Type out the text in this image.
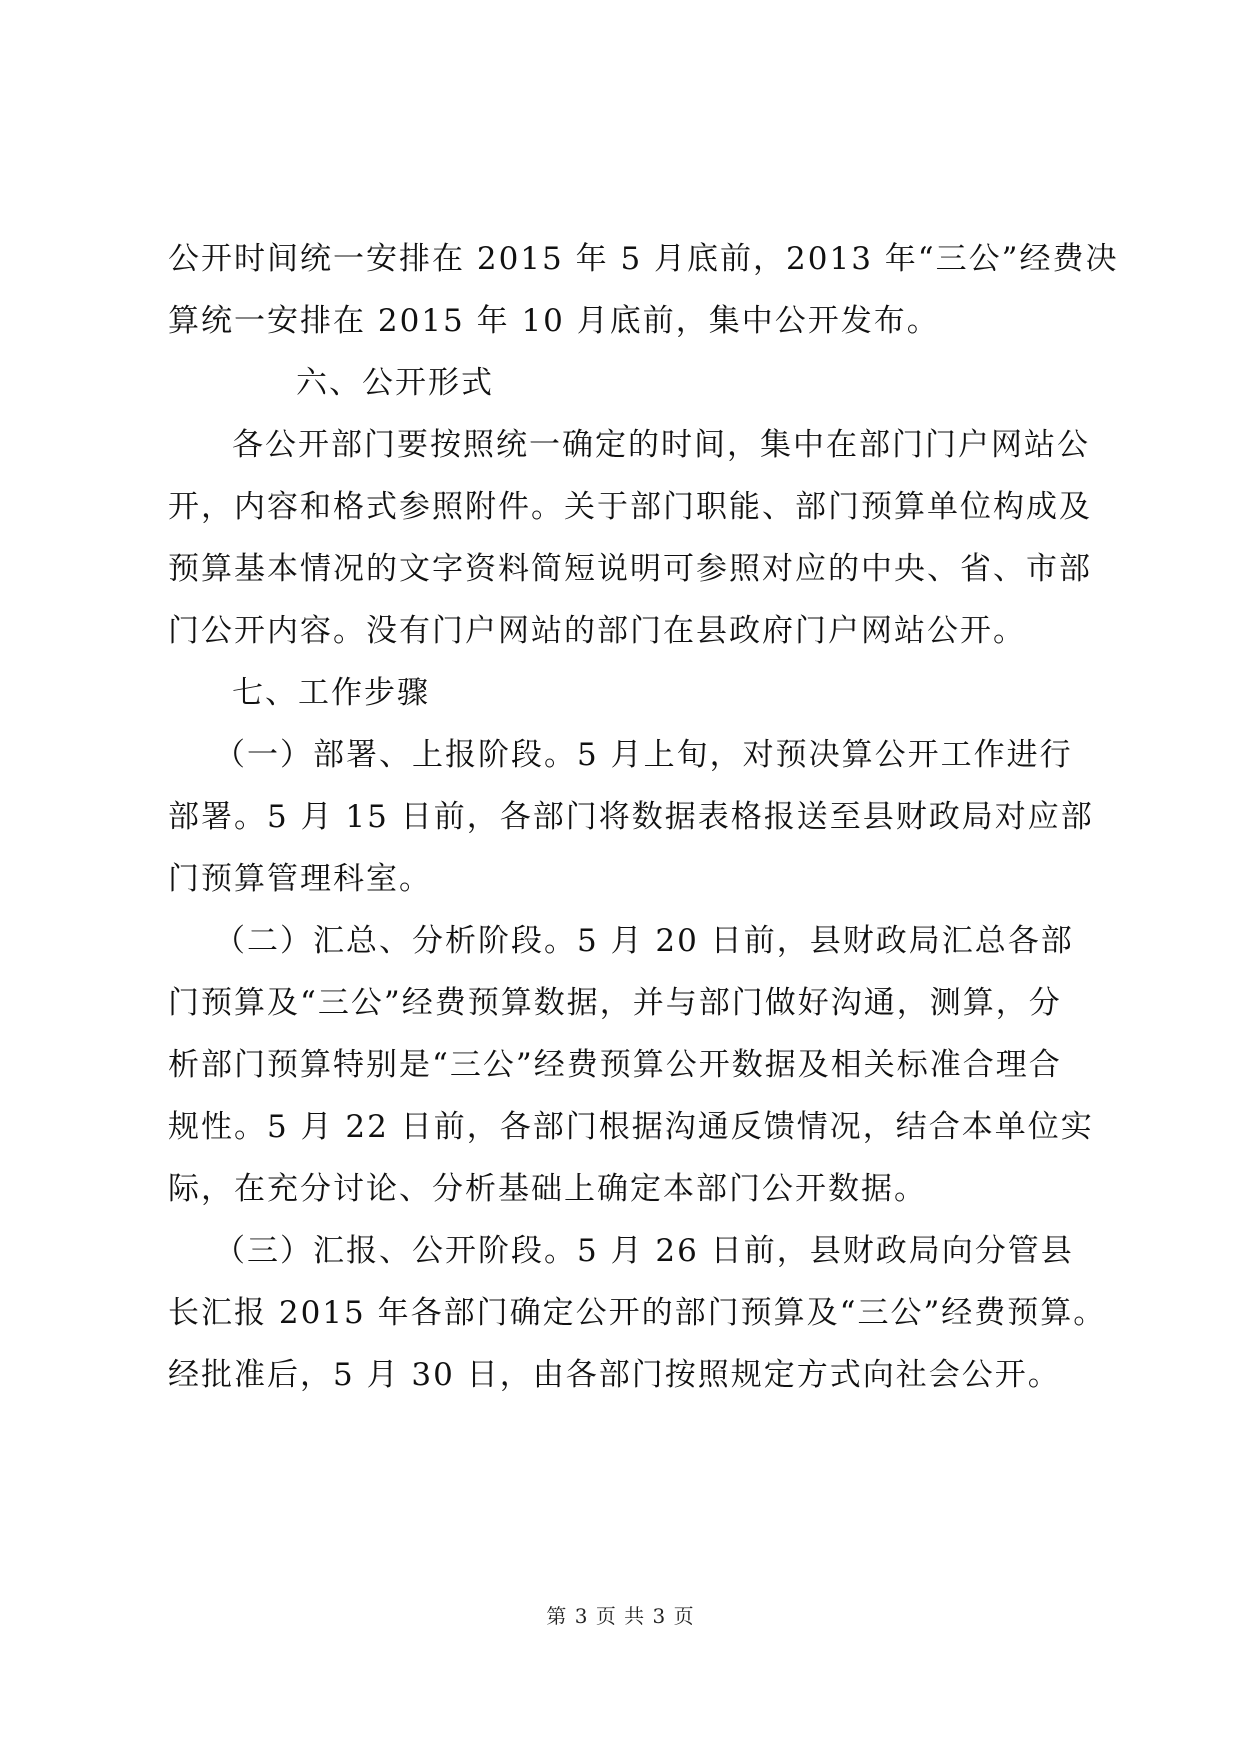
公开时间统一安排在 2015 年 5 月底前，2013 年“三公”经费决
算统一安排在 2015 年 10 月底前，集中公开发布。
六、公开形式
各公开部门要按照统一确定的时间，集中在部门门户网站公
开，内容和格式参照附件。关于部门职能、部门预算单位构成及
预算基本情况的文字资料简短说明可参照对应的中央、省、市部
门公开内容。没有门户网站的部门在县政府门户网站公开。
七、工作步骤
（一）部署、上报阶段。5 月上旬，对预决算公开工作进行
部署。5 月 15 日前，各部门将数据表格报送至县财政局对应部
门预算管理科室。
（二）汇总、分析阶段。5 月 20 日前，县财政局汇总各部
门预算及“三公”经费预算数据，并与部门做好沟通，测算，分
析部门预算特别是“三公”经费预算公开数据及相关标准合理合
规性。5 月 22 日前，各部门根据沟通反馈情况，结合本单位实
际，在充分讨论、分析基础上确定本部门公开数据。
（三）汇报、公开阶段。5 月 26 日前，县财政局向分管县
长汇报 2015 年各部门确定公开的部门预算及“三公”经费预算。
经批准后，5 月 30 日，由各部门按照规定方式向社会公开。
第 3 页 共 3 页
